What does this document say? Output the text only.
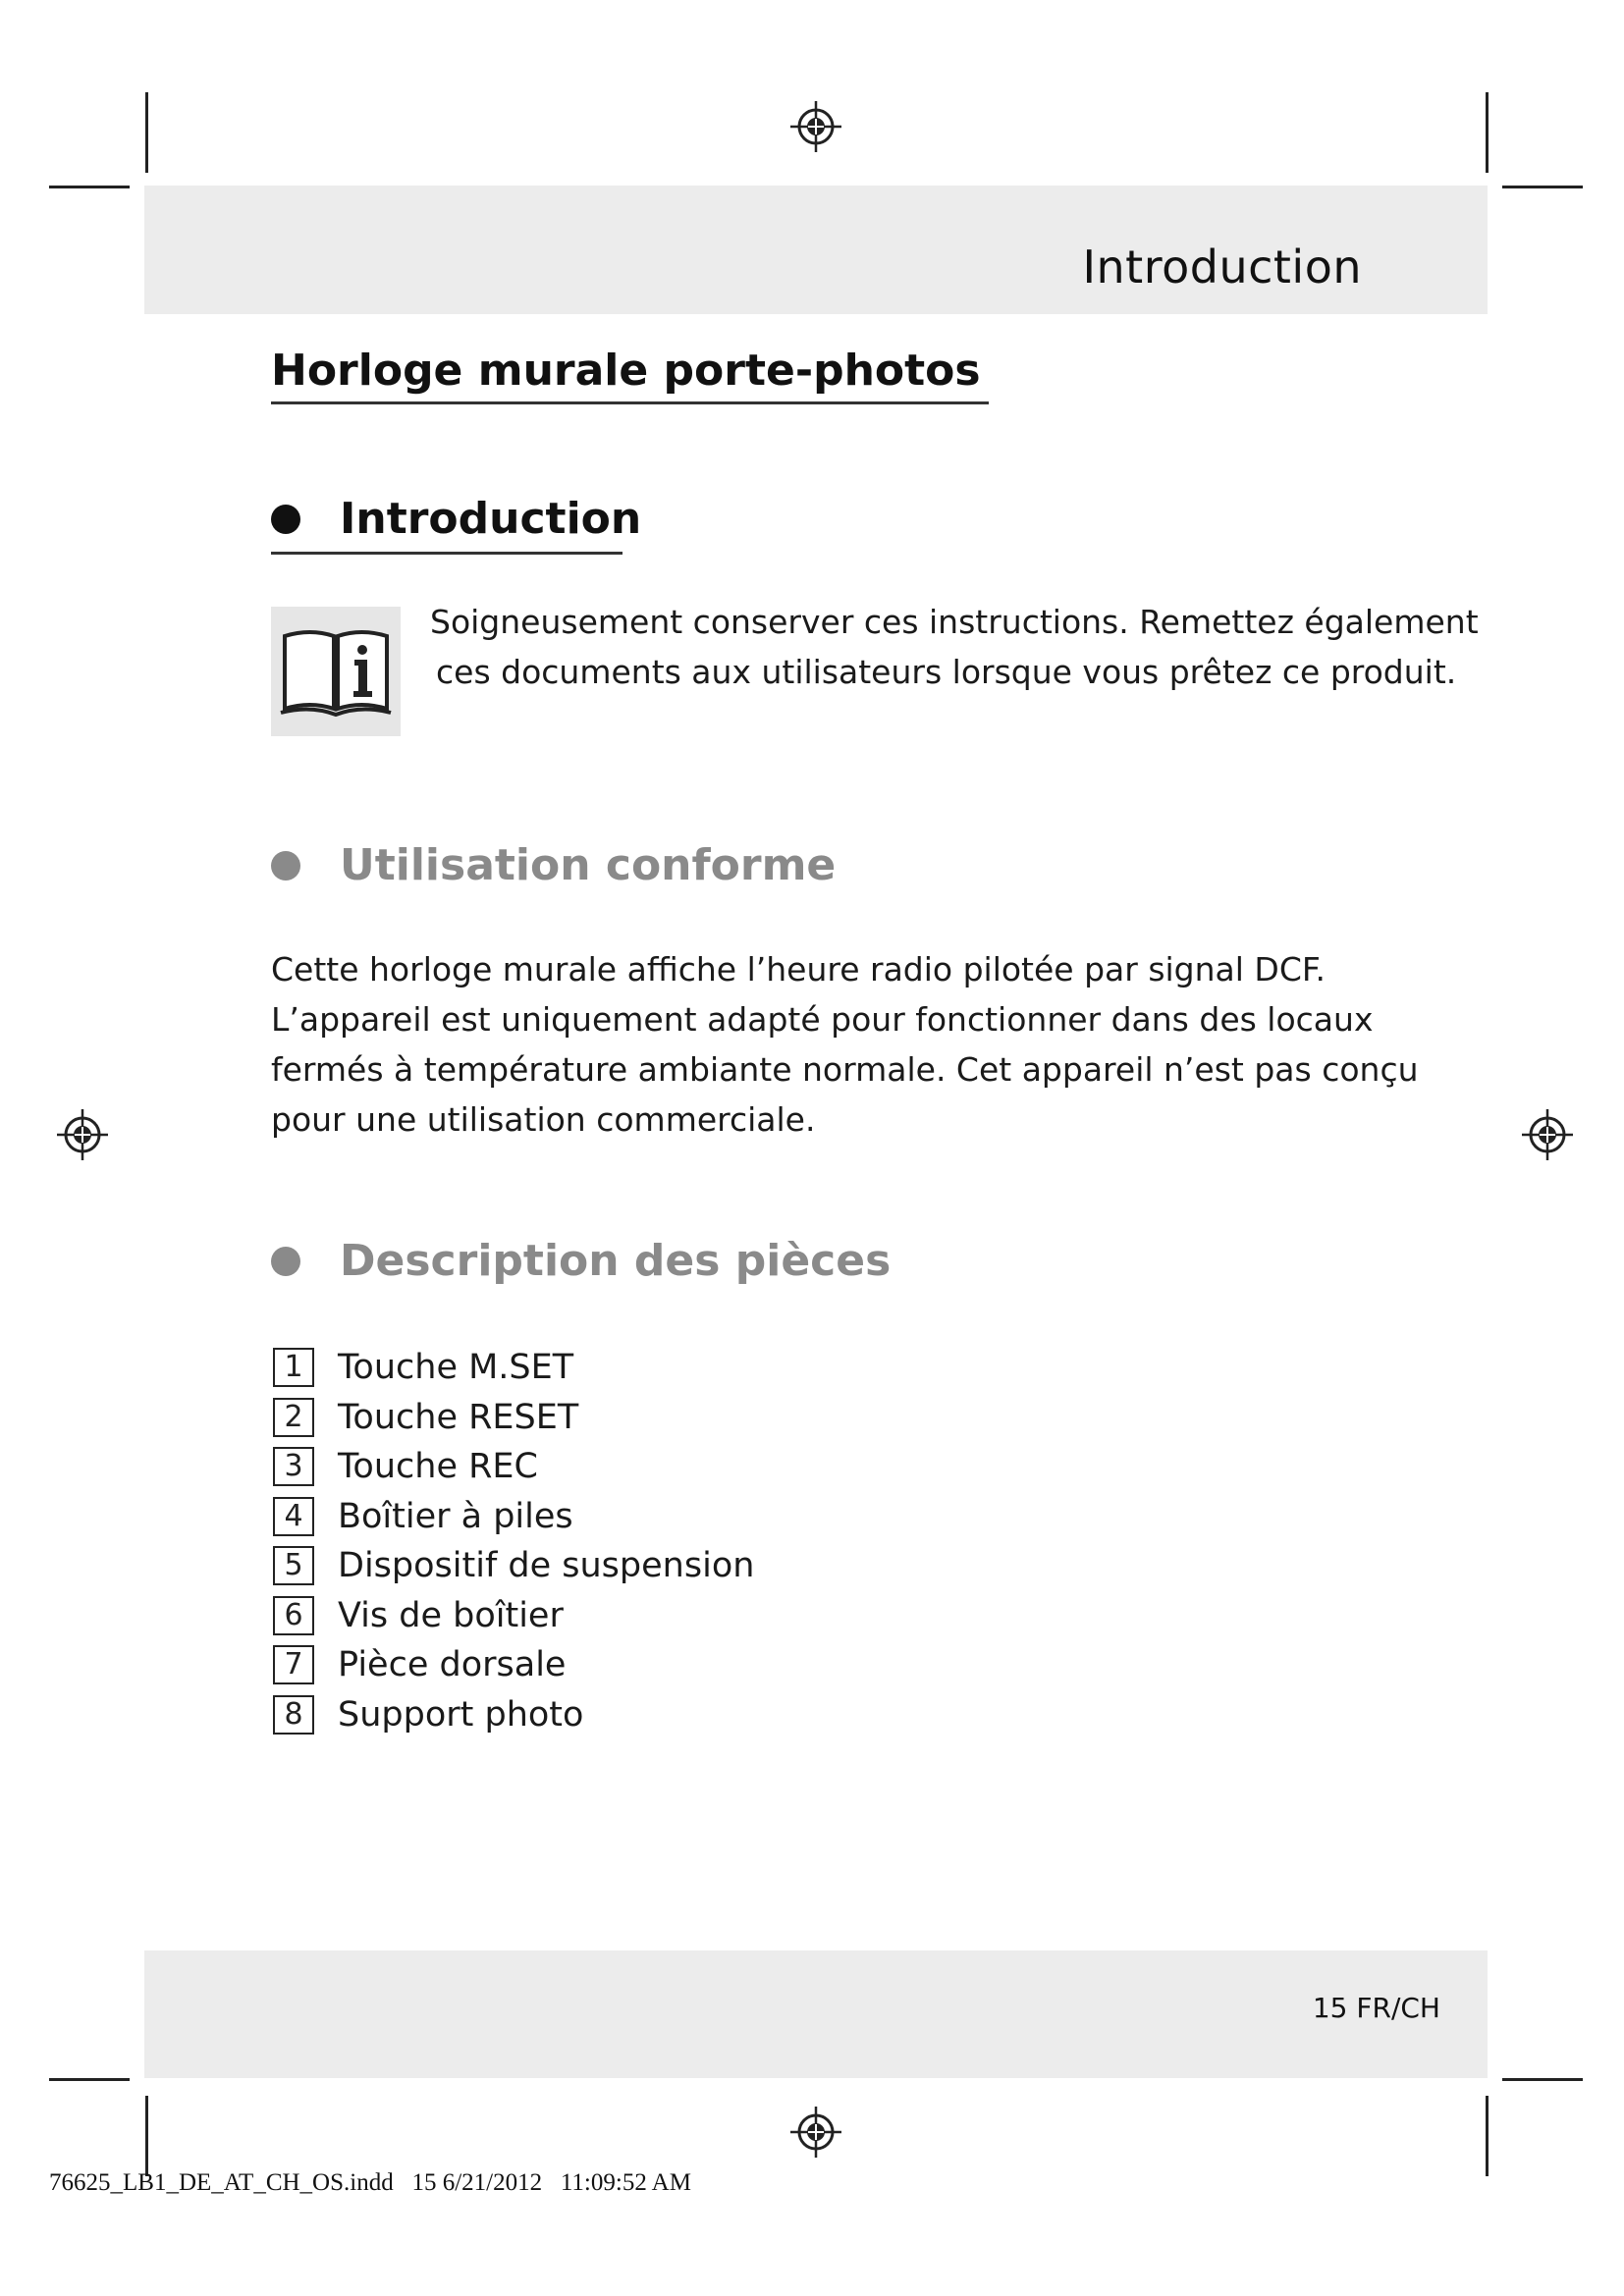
Introduction
Horloge murale porte-photos
Introduction
Soigneusement conserver ces instructions. Remettez également
ces documents aux utilisateurs lorsque vous prêtez ce produit.
Utilisation conforme
Cette horloge murale affiche l’heure radio pilotée par signal DCF.
L’appareil est uniquement adapté pour fonctionner dans des locaux
fermés à température ambiante normale. Cet appareil n’est pas conçu
pour une utilisation commerciale.
Description des pièces
1	Touche M.SET
2	Touche RESET
3	Touche REC
4	Boîtier à piles
5	Dispositif de suspension
6	Vis de boîtier
7	Pièce dorsale
8	Support photo
15 FR/CH
76625_LB1_DE_AT_CH_OS.indd   15 6/21/2012   11:09:52 AM
